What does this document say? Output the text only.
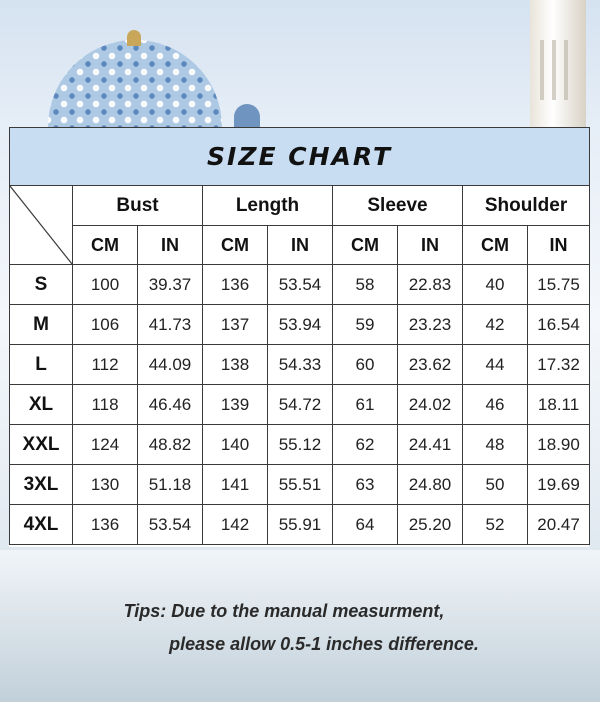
SIZE CHART								

	Bust		Length		Sleeve		Shoulder	
	CM	IN	CM	IN	CM	IN	CM	IN
S	100	39.37	136	53.54	58	22.83	40	15.75
M	106	41.73	137	53.94	59	23.23	42	16.54
L	112	44.09	138	54.33	60	23.62	44	17.32
XL	118	46.46	139	54.72	61	24.02	46	18.11
XXL	124	48.82	140	55.12	62	24.41	48	18.90
3XL	130	51.18	141	55.51	63	24.80	50	19.69
4XL	136	53.54	142	55.91	64	25.20	52	20.47
Tips: Due to the manual measurment,
please allow 0.5-1 inches difference.
